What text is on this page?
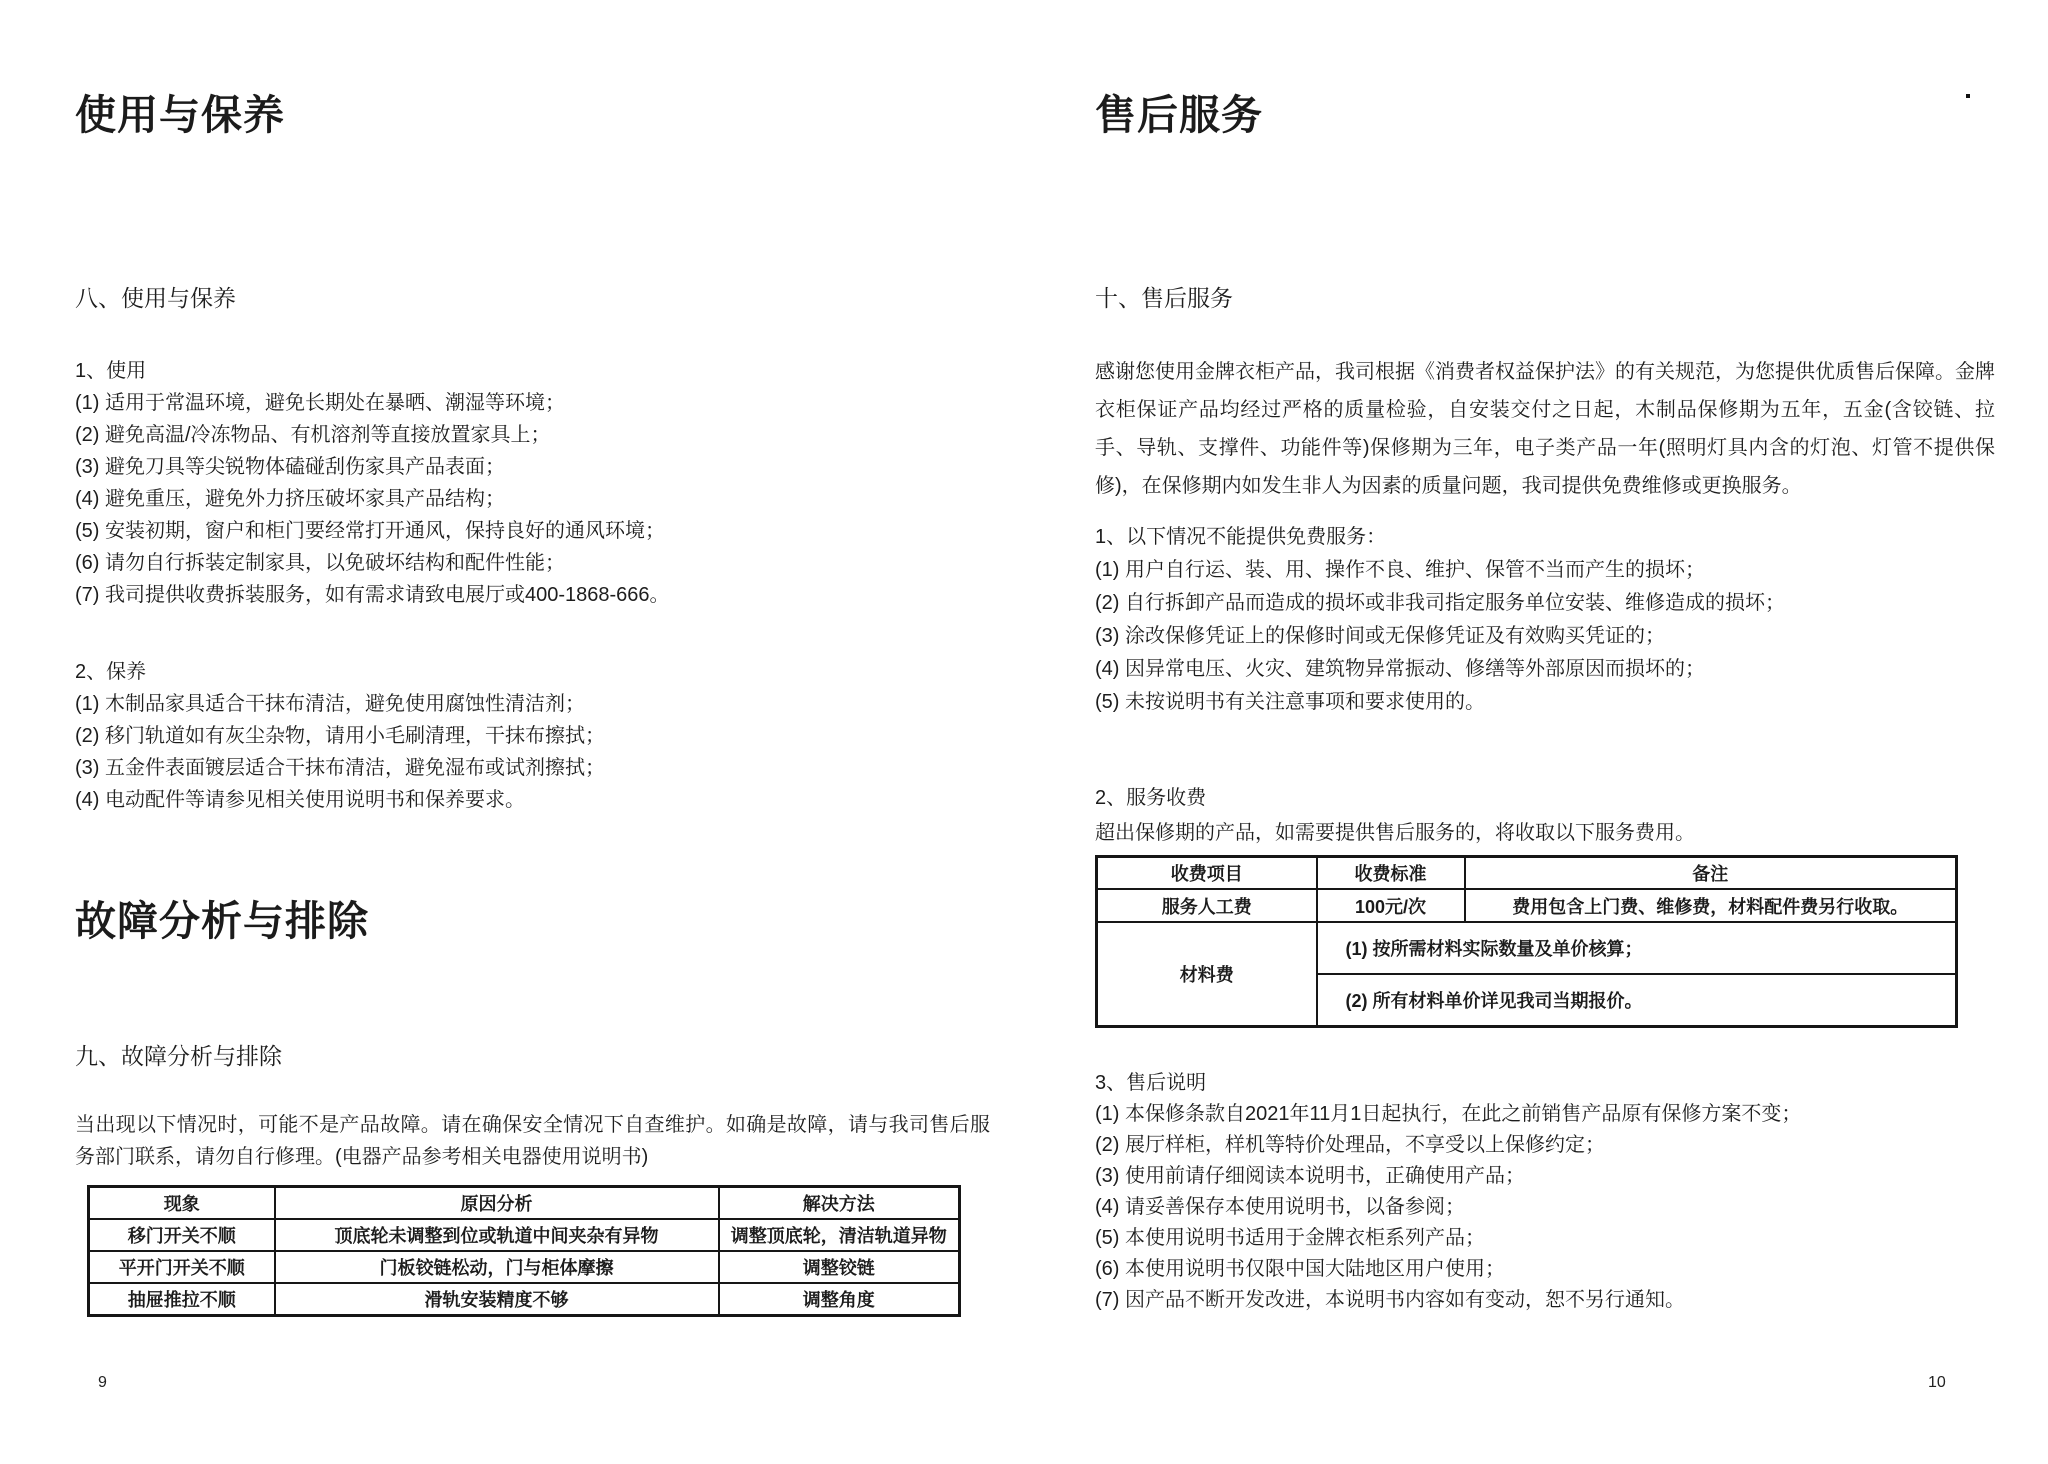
使用与保养
八、使用与保养
1、使用
(1) 适用于常温环境，避免长期处在暴晒、潮湿等环境；
(2) 避免高温/冷冻物品、有机溶剂等直接放置家具上；
(3) 避免刀具等尖锐物体磕碰刮伤家具产品表面；
(4) 避免重压，避免外力挤压破坏家具产品结构；
(5) 安装初期，窗户和柜门要经常打开通风，保持良好的通风环境；
(6) 请勿自行拆装定制家具，以免破坏结构和配件性能；
(7) 我司提供收费拆装服务，如有需求请致电展厅或400-1868-666。
2、保养
(1) 木制品家具适合干抹布清洁，避免使用腐蚀性清洁剂；
(2) 移门轨道如有灰尘杂物，请用小毛刷清理，干抹布擦拭；
(3) 五金件表面镀层适合干抹布清洁，避免湿布或试剂擦拭；
(4) 电动配件等请参见相关使用说明书和保养要求。
故障分析与排除
九、故障分析与排除
当出现以下情况时，可能不是产品故障。请在确保安全情况下自查维护。如确是故障，请与我司售后服务部门联系，请勿自行修理。(电器产品参考相关电器使用说明书)
现象	原因分析	解决方法
移门开关不顺	顶底轮未调整到位或轨道中间夹杂有异物	调整顶底轮，清洁轨道异物
平开门开关不顺	门板铰链松动，门与柜体摩擦	调整铰链
抽屉推拉不顺	滑轨安装精度不够	调整角度
售后服务
十、售后服务
感谢您使用金牌衣柜产品，我司根据《消费者权益保护法》的有关规范，为您提供优质售后保障。金牌衣柜保证产品均经过严格的质量检验，自安装交付之日起，木制品保修期为五年，五金(含铰链、拉手、导轨、支撑件、功能件等)保修期为三年，电子类产品一年(照明灯具内含的灯泡、灯管不提供保修)，在保修期内如发生非人为因素的质量问题，我司提供免费维修或更换服务。
1、以下情况不能提供免费服务：
(1) 用户自行运、装、用、操作不良、维护、保管不当而产生的损坏；
(2) 自行拆卸产品而造成的损坏或非我司指定服务单位安装、维修造成的损坏；
(3) 涂改保修凭证上的保修时间或无保修凭证及有效购买凭证的；
(4) 因异常电压、火灾、建筑物异常振动、修缮等外部原因而损坏的；
(5) 未按说明书有关注意事项和要求使用的。
2、服务收费
超出保修期的产品，如需要提供售后服务的，将收取以下服务费用。
收费项目	收费标准	备注
服务人工费	100元/次	费用包含上门费、维修费，材料配件费另行收取。
材料费	(1) 按所需材料实际数量及单价核算；	
	(2) 所有材料单价详见我司当期报价。	
3、售后说明
(1) 本保修条款自2021年11月1日起执行，在此之前销售产品原有保修方案不变；
(2) 展厅样柜，样机等特价处理品，不享受以上保修约定；
(3) 使用前请仔细阅读本说明书，正确使用产品；
(4) 请妥善保存本使用说明书，以备参阅；
(5) 本使用说明书适用于金牌衣柜系列产品；
(6) 本使用说明书仅限中国大陆地区用户使用；
(7) 因产品不断开发改进，本说明书内容如有变动，恕不另行通知。
9	10
